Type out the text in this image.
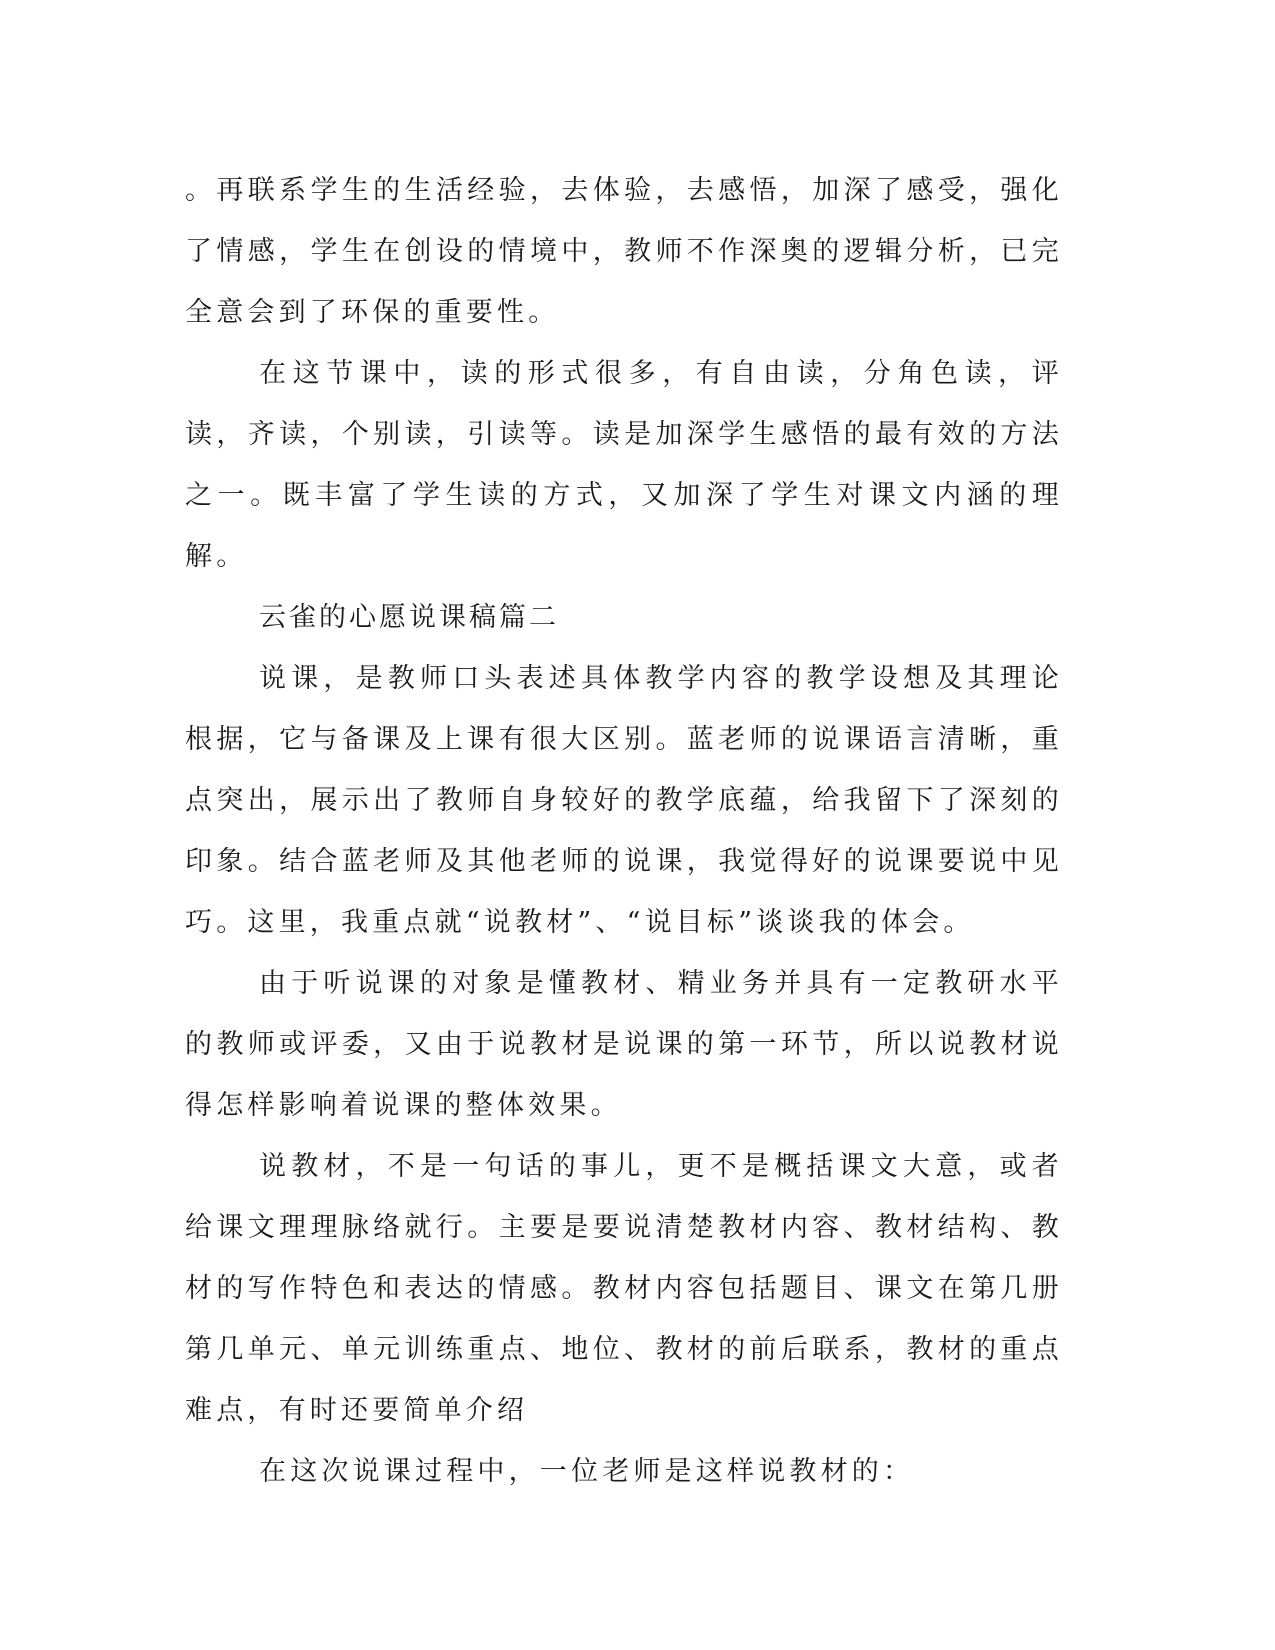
。再联系学生的生活经验，去体验，去感悟，加深了感受，强化了情感，学生在创设的情境中，教师不作深奥的逻辑分析，已完全意会到了环保的重要性。

在这节课中，读的形式很多，有自由读，分角色读，评读，齐读，个别读，引读等。读是加深学生感悟的最有效的方法之一。既丰富了学生读的方式，又加深了学生对课文内涵的理解。

云雀的心愿说课稿篇二

说课，是教师口头表述具体教学内容的教学设想及其理论根据，它与备课及上课有很大区别。蓝老师的说课语言清晰，重点突出，展示出了教师自身较好的教学底蕴，给我留下了深刻的印象。结合蓝老师及其他老师的说课，我觉得好的说课要说中见巧。这里，我重点就“说教材”、“说目标”谈谈我的体会。

由于听说课的对象是懂教材、精业务并具有一定教研水平的教师或评委，又由于说教材是说课的第一环节，所以说教材说得怎样影响着说课的整体效果。

说教材，不是一句话的事儿，更不是概括课文大意，或者给课文理理脉络就行。主要是要说清楚教材内容、教材结构、教材的写作特色和表达的情感。教材内容包括题目、课文在第几册第几单元、单元训练重点、地位、教材的前后联系，教材的重点难点，有时还要简单介绍

在这次说课过程中，一位老师是这样说教材的：
